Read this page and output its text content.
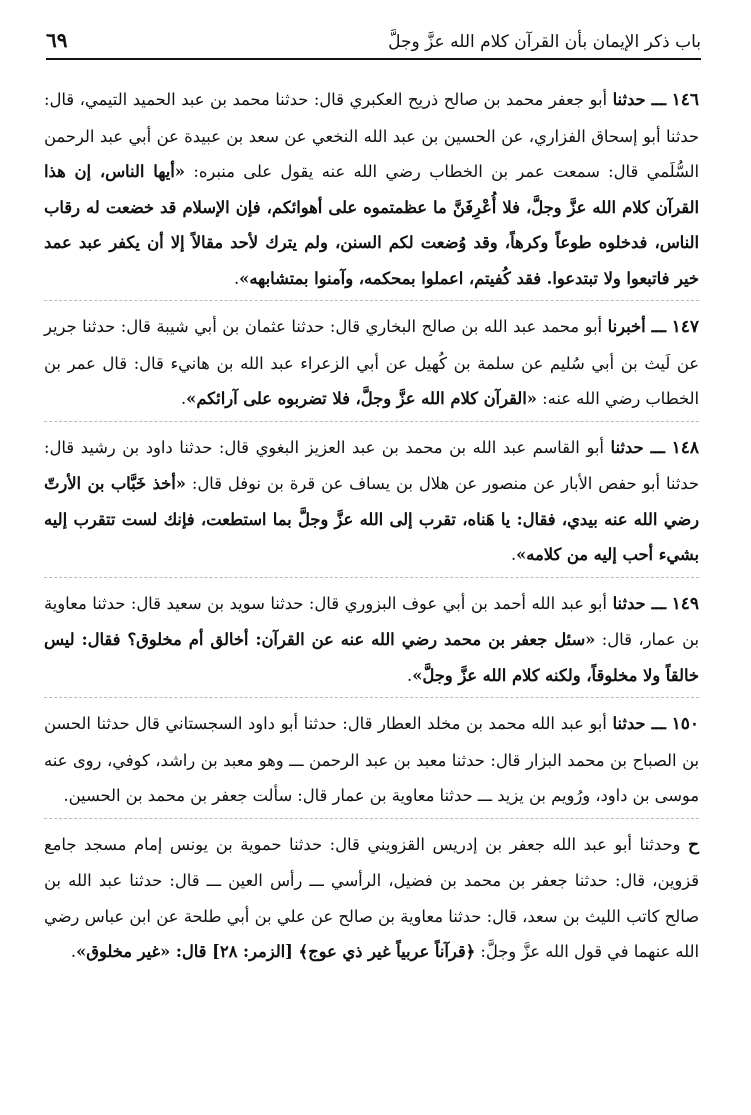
باب ذكر الإيمان بأن القرآن كلام الله عزَّ وجلَّ
٦٩

١٤٦ ـــ حدثنا أبو جعفر محمد بن صالح ذريح العكبري قال: حدثنا محمد بن عبد الحميد التيمي، قال: حدثنا أبو إسحاق الفزاري، عن الحسين بن عبد الله النخعي عن سعد بن عبيدة عن أبي عبد الرحمن السُّلَمي قال: سمعت عمر بن الخطاب رضي الله عنه يقول على منبره: «أيها الناس، إن هذا القرآن كلام الله عزَّ وجلَّ، فلا أُعْرِفَنَّ ما عظمتموه على أهوائكم، فإن الإسلام قد خضعت له رقاب الناس، فدخلوه طوعاً وكرهاً، وقد وُضعت لكم السنن، ولم يترك لأحد مقالاً إلا أن يكفر عبد عمد خير فاتبعوا ولا تبتدعوا. فقد كُفيتم، اعملوا بمحكمه، وآمنوا بمتشابهه».

١٤٧ ـــ أخبرنا أبو محمد عبد الله بن صالح البخاري قال: حدثنا عثمان بن أبي شيبة قال: حدثنا جرير عن لَيث بن أبي سُليم عن سلمة بن كُهيل عن أبي الزعراء عبد الله بن هانيء قال: قال عمر بن الخطاب رضي الله عنه: «القرآن كلام الله عزَّ وجلَّ، فلا تضربوه على آرائكم».

١٤٨ ـــ حدثنا أبو القاسم عبد الله بن محمد بن عبد العزيز البغوي قال: حدثنا داود بن رشيد قال: حدثنا أبو حفص الأبار عن منصور عن هلال بن يساف عن قرة بن نوفل قال: «أخذ خَبَّاب بن الأرتّ رضي الله عنه بيدي، فقال: يا هَناه، تقرب إلى الله عزَّ وجلَّ بما استطعت، فإنك لست تتقرب إليه بشيء أحب إليه من كلامه».

١٤٩ ـــ حدثنا أبو عبد الله أحمد بن أبي عوف البزوري قال: حدثنا سويد بن سعيد قال: حدثنا معاوية بن عمار، قال: «سئل جعفر بن محمد رضي الله عنه عن القرآن: أخالق أم مخلوق؟ فقال: ليس خالقاً ولا مخلوقاً، ولكنه كلام الله عزَّ وجلَّ».

١٥٠ ـــ حدثنا أبو عبد الله محمد بن مخلد العطار قال: حدثنا أبو داود السجستاني قال حدثنا الحسن بن الصباح بن محمد البزار قال: حدثنا معبد بن عبد الرحمن ـــ وهو معبد بن راشد، كوفي، روى عنه موسى بن داود، ورُويم بن يزيد ـــ حدثنا معاوية بن عمار قال: سألت جعفر بن محمد بن الحسين.

ح وحدثنا أبو عبد الله جعفر بن إدريس القزويني قال: حدثنا حموية بن يونس إمام مسجد جامع قزوين، قال: حدثنا جعفر بن محمد بن فضيل، الرأسي ـــ رأس العين ـــ قال: حدثنا عبد الله بن صالح كاتب الليث بن سعد، قال: حدثنا معاوية بن صالح عن علي بن أبي طلحة عن ابن عباس رضي الله عنهما في قول الله عزَّ وجلَّ: ﴿قرآناً عربياً غير ذي عوج﴾ [الزمر: ٢٨] قال: «غير مخلوق».
